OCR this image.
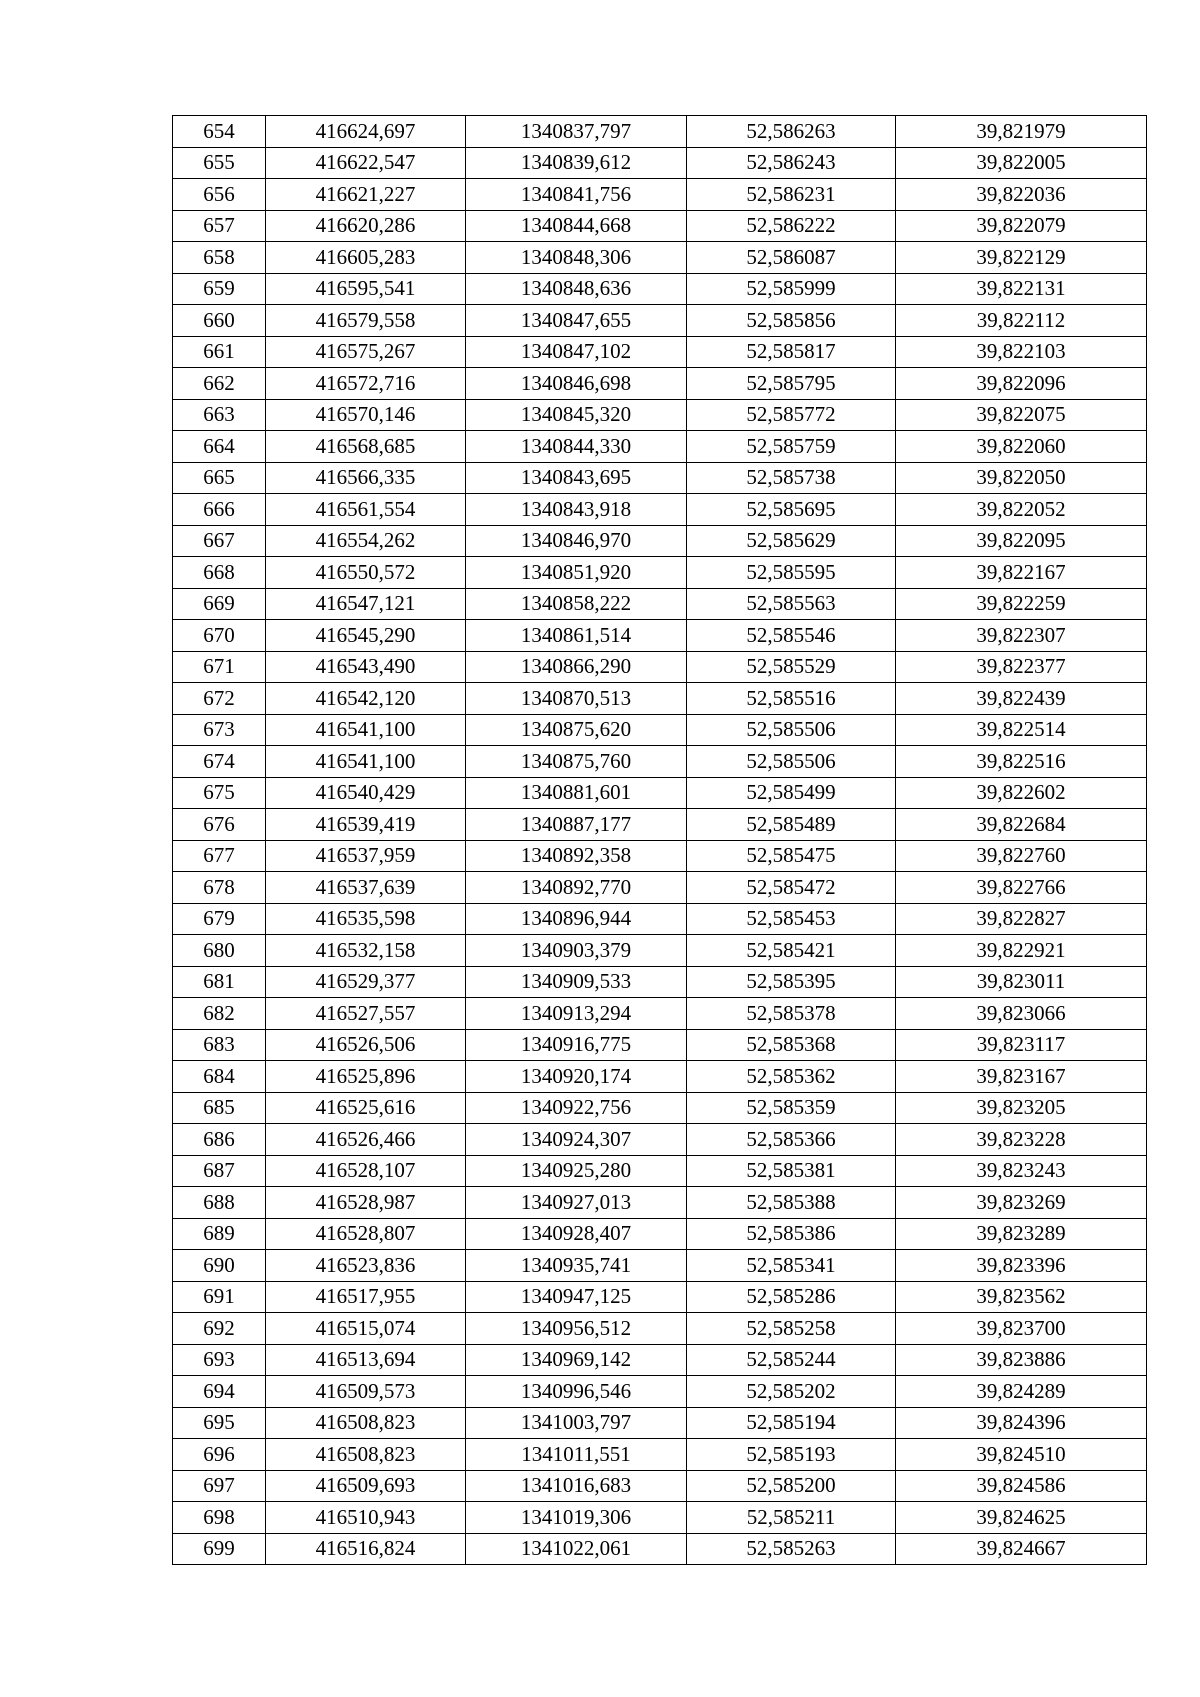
654	416624,697	1340837,797	52,586263	39,821979
655	416622,547	1340839,612	52,586243	39,822005
656	416621,227	1340841,756	52,586231	39,822036
657	416620,286	1340844,668	52,586222	39,822079
658	416605,283	1340848,306	52,586087	39,822129
659	416595,541	1340848,636	52,585999	39,822131
660	416579,558	1340847,655	52,585856	39,822112
661	416575,267	1340847,102	52,585817	39,822103
662	416572,716	1340846,698	52,585795	39,822096
663	416570,146	1340845,320	52,585772	39,822075
664	416568,685	1340844,330	52,585759	39,822060
665	416566,335	1340843,695	52,585738	39,822050
666	416561,554	1340843,918	52,585695	39,822052
667	416554,262	1340846,970	52,585629	39,822095
668	416550,572	1340851,920	52,585595	39,822167
669	416547,121	1340858,222	52,585563	39,822259
670	416545,290	1340861,514	52,585546	39,822307
671	416543,490	1340866,290	52,585529	39,822377
672	416542,120	1340870,513	52,585516	39,822439
673	416541,100	1340875,620	52,585506	39,822514
674	416541,100	1340875,760	52,585506	39,822516
675	416540,429	1340881,601	52,585499	39,822602
676	416539,419	1340887,177	52,585489	39,822684
677	416537,959	1340892,358	52,585475	39,822760
678	416537,639	1340892,770	52,585472	39,822766
679	416535,598	1340896,944	52,585453	39,822827
680	416532,158	1340903,379	52,585421	39,822921
681	416529,377	1340909,533	52,585395	39,823011
682	416527,557	1340913,294	52,585378	39,823066
683	416526,506	1340916,775	52,585368	39,823117
684	416525,896	1340920,174	52,585362	39,823167
685	416525,616	1340922,756	52,585359	39,823205
686	416526,466	1340924,307	52,585366	39,823228
687	416528,107	1340925,280	52,585381	39,823243
688	416528,987	1340927,013	52,585388	39,823269
689	416528,807	1340928,407	52,585386	39,823289
690	416523,836	1340935,741	52,585341	39,823396
691	416517,955	1340947,125	52,585286	39,823562
692	416515,074	1340956,512	52,585258	39,823700
693	416513,694	1340969,142	52,585244	39,823886
694	416509,573	1340996,546	52,585202	39,824289
695	416508,823	1341003,797	52,585194	39,824396
696	416508,823	1341011,551	52,585193	39,824510
697	416509,693	1341016,683	52,585200	39,824586
698	416510,943	1341019,306	52,585211	39,824625
699	416516,824	1341022,061	52,585263	39,824667
